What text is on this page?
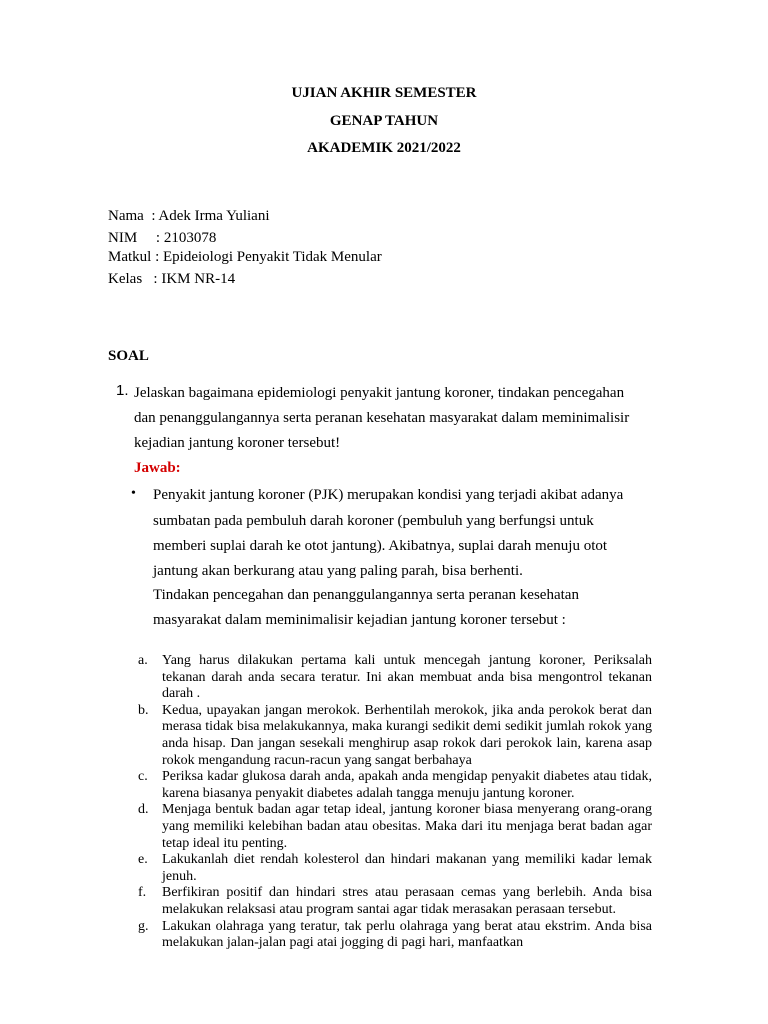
UJIAN AKHIR SEMESTER
GENAP TAHUN
AKADEMIK 2021/2022
Nama  : Adek Irma Yuliani
NIM     : 2103078
Matkul : Epideiologi Penyakit Tidak Menular
Kelas   : IKM NR-14
SOAL
1. Jelaskan bagaimana epidemiologi penyakit jantung koroner, tindakan pencegahan
dan penanggulangannya serta peranan kesehatan masyarakat dalam meminimalisir
kejadian jantung koroner tersebut!
Jawab:
• Penyakit jantung koroner (PJK) merupakan kondisi yang terjadi akibat adanya
sumbatan pada pembuluh darah koroner (pembuluh yang berfungsi untuk
memberi suplai darah ke otot jantung). Akibatnya, suplai darah menuju otot
jantung akan berkurang atau yang paling parah, bisa berhenti.
Tindakan pencegahan dan penanggulangannya serta peranan kesehatan
masyarakat dalam meminimalisir kejadian jantung koroner tersebut :
a.	Yang harus dilakukan pertama kali untuk mencegah jantung koroner, Periksalah tekanan darah anda secara teratur. Ini akan membuat anda bisa mengontrol tekanan darah .
b. Kedua, upayakan jangan merokok. Berhentilah merokok, jika anda perokok berat dan merasa tidak bisa melakukannya, maka kurangi sedikit demi sedikit jumlah rokok yang anda hisap. Dan jangan sesekali menghirup asap rokok dari perokok lain, karena asap rokok mengandung racun-racun yang sangat berbahaya
c.	Periksa kadar glukosa darah anda, apakah anda mengidap penyakit diabetes atau tidak, karena biasanya penyakit diabetes adalah tangga menuju jantung koroner.
d. Menjaga bentuk badan agar tetap ideal, jantung koroner biasa menyerang orang-orang yang memiliki kelebihan badan atau obesitas. Maka dari itu menjaga berat badan agar tetap ideal itu penting.
e.	Lakukanlah diet rendah kolesterol dan hindari makanan yang memiliki kadar lemak jenuh.
f.	Berfikiran positif dan hindari stres atau perasaan cemas yang berlebih. Anda bisa melakukan relaksasi atau program santai agar tidak merasakan perasaan tersebut.
g. Lakukan olahraga yang teratur, tak perlu olahraga yang berat atau ekstrim. Anda bisa melakukan jalan-jalan pagi atai jogging di pagi hari, manfaatkan
